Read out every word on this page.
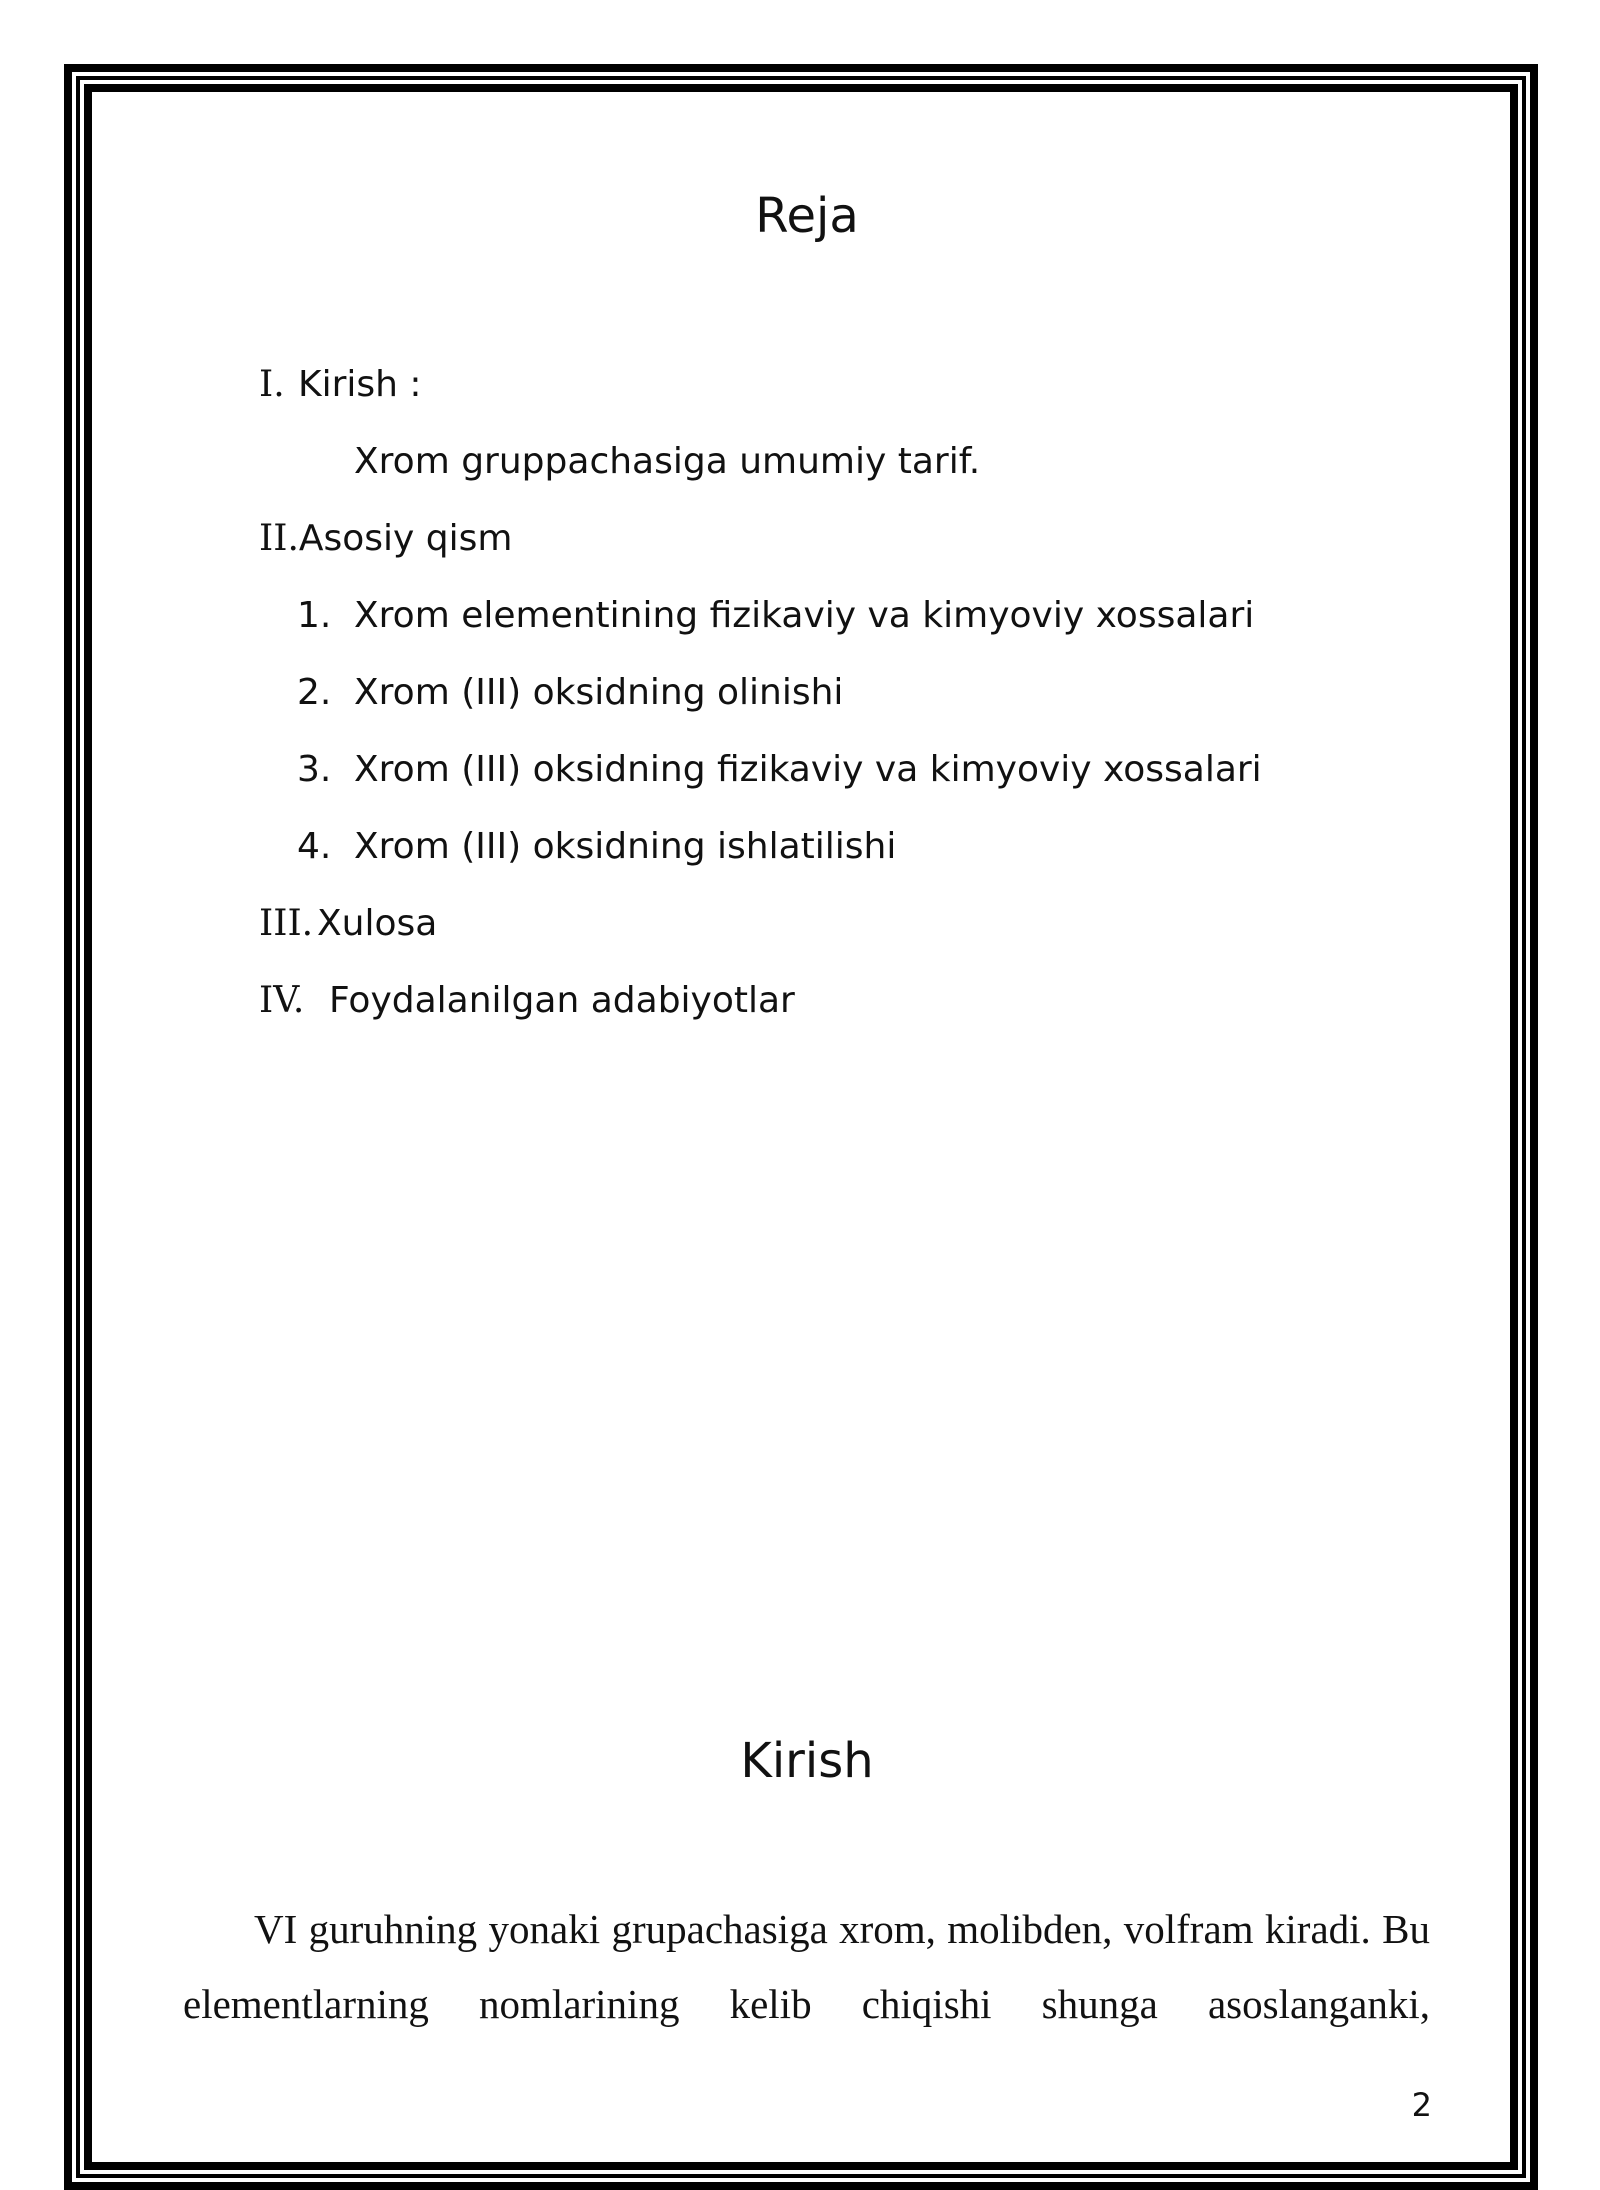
Reja
I. Kirish :
Xrom gruppachasiga umumiy tarif.
II.Asosiy qism
1. Xrom elementining fizikaviy va kimyoviy xossalari
2. Xrom (III) oksidning olinishi
3. Xrom (III) oksidning fizikaviy va kimyoviy xossalari
4. Xrom (III) oksidning ishlatilishi
III. Xulosa
IV. Foydalanilgan adabiyotlar
Kirish

VI guruhning yonaki grupachasiga xrom, molibden, volfram kiradi. Bu elementlarning nomlarining kelib chiqishi shunga asoslanganki,

2
